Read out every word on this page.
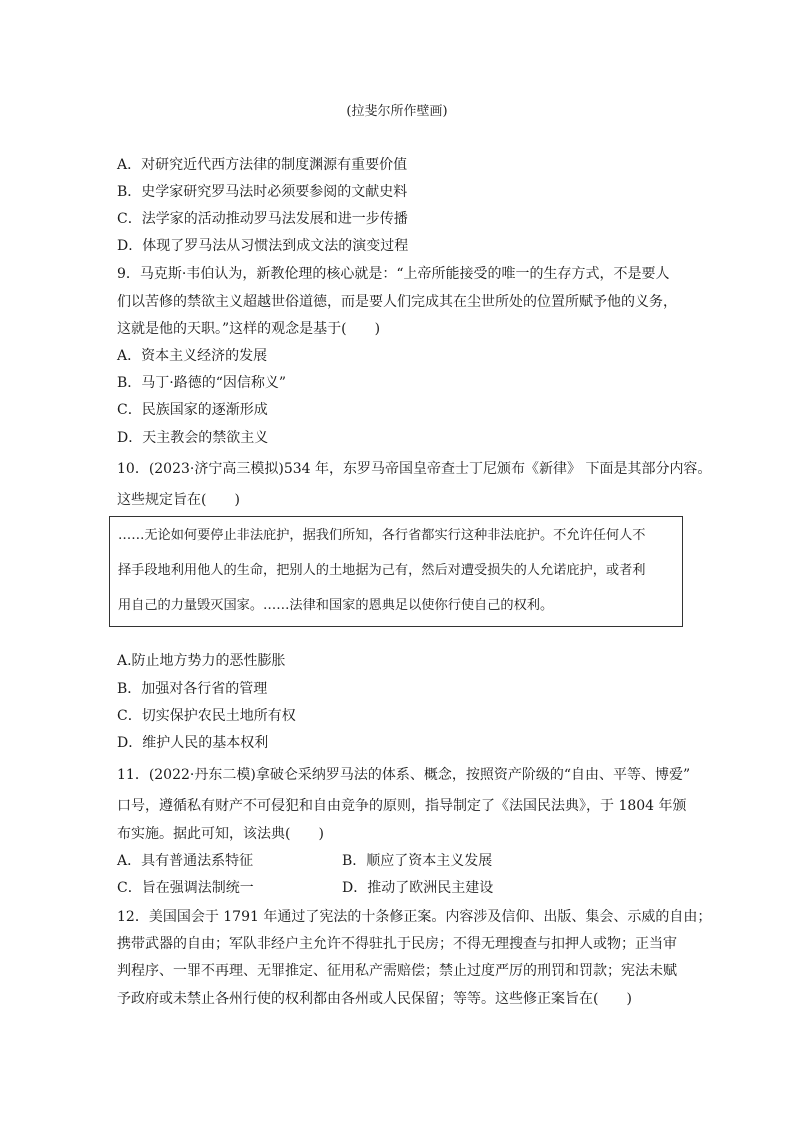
(拉斐尔所作壁画)
A．对研究近代西方法律的制度渊源有重要价值
B．史学家研究罗马法时必须要参阅的文献史料
C．法学家的活动推动罗马法发展和进一步传播
D．体现了罗马法从习惯法到成文法的演变过程
9．马克斯·韦伯认为，新教伦理的核心就是：“上帝所能接受的唯一的生存方式，不是要人
们以苦修的禁欲主义超越世俗道德，而是要人们完成其在尘世所处的位置所赋予他的义务，
这就是他的天职。”这样的观念是基于(　　)
A．资本主义经济的发展
B．马丁·路德的“因信称义”
C．民族国家的逐渐形成
D．天主教会的禁欲主义
10．(2023·济宁高三模拟)534 年，东罗马帝国皇帝查士丁尼颁布《新律》 下面是其部分内容。
这些规定旨在(　　)
……无论如何要停止非法庇护，据我们所知，各行省都实行这种非法庇护。不允许任何人不
择手段地利用他人的生命，把别人的土地据为己有，然后对遭受损失的人允诺庇护，或者利
用自己的力量毁灭国家。……法律和国家的恩典足以使你行使自己的权利。
A.防止地方势力的恶性膨胀
B．加强对各行省的管理
C．切实保护农民土地所有权
D．维护人民的基本权利
11．(2022·丹东二模)拿破仑采纳罗马法的体系、概念，按照资产阶级的“自由、平等、博爱”
口号，遵循私有财产不可侵犯和自由竞争的原则，指导制定了《法国民法典》，于 1804 年颁
布实施。据此可知，该法典(　　)
A．具有普通法系特征	B．顺应了资本主义发展
C．旨在强调法制统一	D．推动了欧洲民主建设
12．美国国会于 1791 年通过了宪法的十条修正案。内容涉及信仰、出版、集会、示威的自由；
携带武器的自由；军队非经户主允许不得驻扎于民房；不得无理搜查与扣押人或物；正当审
判程序、一罪不再理、无罪推定、征用私产需赔偿；禁止过度严厉的刑罚和罚款；宪法未赋
予政府或未禁止各州行使的权利都由各州或人民保留；等等。这些修正案旨在(　　)
